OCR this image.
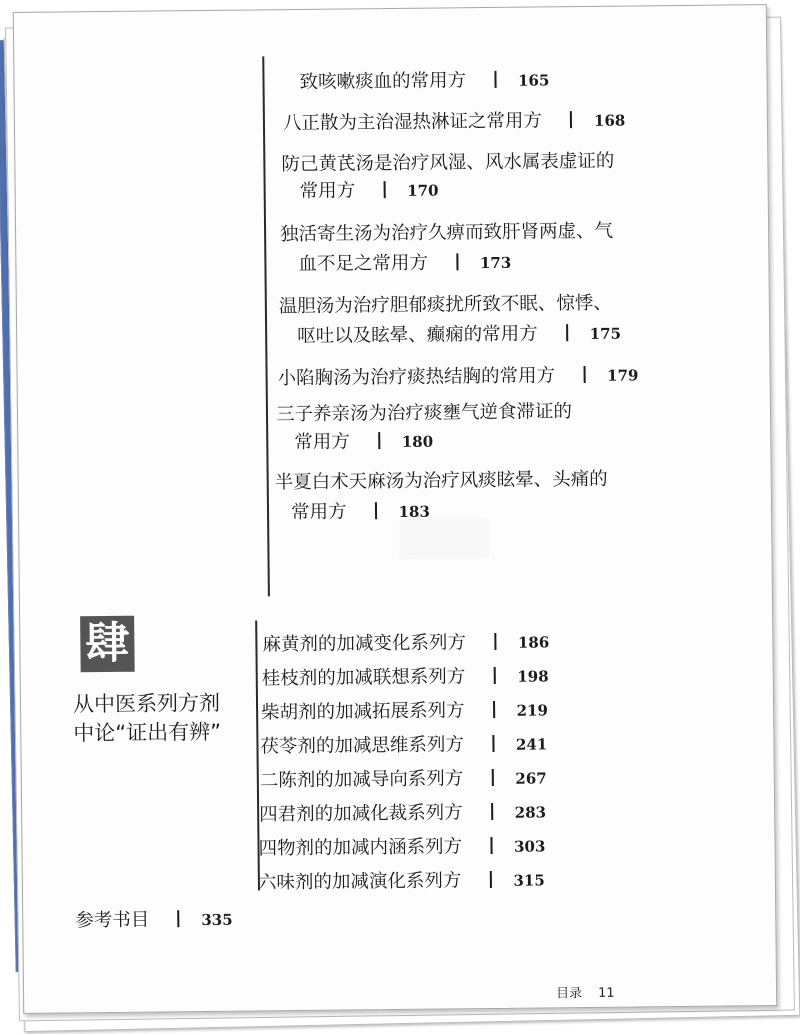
致咳嗽痰血的常用方	165
八正散为主治湿热淋证之常用方	168
防己黄芪汤是治疗风湿、风水属表虚证的
常用方	170
独活寄生汤为治疗久痹而致肝肾两虚、气
血不足之常用方	173
温胆汤为治疗胆郁痰扰所致不眠、惊悸、
呕吐以及眩晕、癫痫的常用方	175
小陷胸汤为治疗痰热结胸的常用方	179
三子养亲汤为治疗痰壅气逆食滞证的
常用方	180
半夏白术天麻汤为治疗风痰眩晕、头痛的
常用方	183
肆
从中医系列方剂
中论“证出有辨”
麻黄剂的加减变化系列方	186
桂枝剂的加减联想系列方	198
柴胡剂的加减拓展系列方	219
茯苓剂的加减思维系列方	241
二陈剂的加减导向系列方	267
四君剂的加减化裁系列方	283
四物剂的加减内涵系列方	303
六味剂的加减演化系列方	315
参考书目	335
目录 11
